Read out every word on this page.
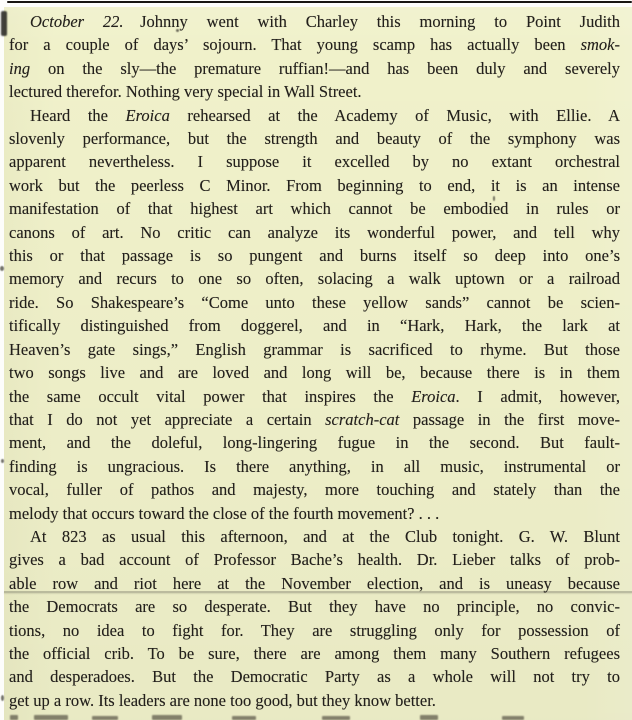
October 22. Johnny went with Charley this morning to Point Judith
for a couple of days’ sojourn. That young scamp has actually been smok-
ing on the sly—the premature ruffian!—and has been duly and severely
lectured therefor. Nothing very special in Wall Street.
Heard the Eroica rehearsed at the Academy of Music, with Ellie. A
slovenly performance, but the strength and beauty of the symphony was
apparent nevertheless. I suppose it excelled by no extant orchestral
work but the peerless C Minor. From beginning to end, it is an intense
manifestation of that highest art which cannot be embodied in rules or
canons of art. No critic can analyze its wonderful power, and tell why
this or that passage is so pungent and burns itself so deep into one’s
memory and recurs to one so often, solacing a walk uptown or a railroad
ride. So Shakespeare’s “Come unto these yellow sands” cannot be scien-
tifically distinguished from doggerel, and in “Hark, Hark, the lark at
Heaven’s gate sings,” English grammar is sacrificed to rhyme. But those
two songs live and are loved and long will be, because there is in them
the same occult vital power that inspires the Eroica. I admit, however,
that I do not yet appreciate a certain scratch-cat passage in the first move-
ment, and the doleful, long-lingering fugue in the second. But fault-
finding is ungracious. Is there anything, in all music, instrumental or
vocal, fuller of pathos and majesty, more touching and stately than the
melody that occurs toward the close of the fourth movement? . . .
At 823 as usual this afternoon, and at the Club tonight. G. W. Blunt
gives a bad account of Professor Bache’s health. Dr. Lieber talks of prob-
able row and riot here at the November election, and is uneasy because
the Democrats are so desperate. But they have no principle, no convic-
tions, no idea to fight for. They are struggling only for possession of
the official crib. To be sure, there are among them many Southern refugees
and desperadoes. But the Democratic Party as a whole will not try to
get up a row. Its leaders are none too good, but they know better.
